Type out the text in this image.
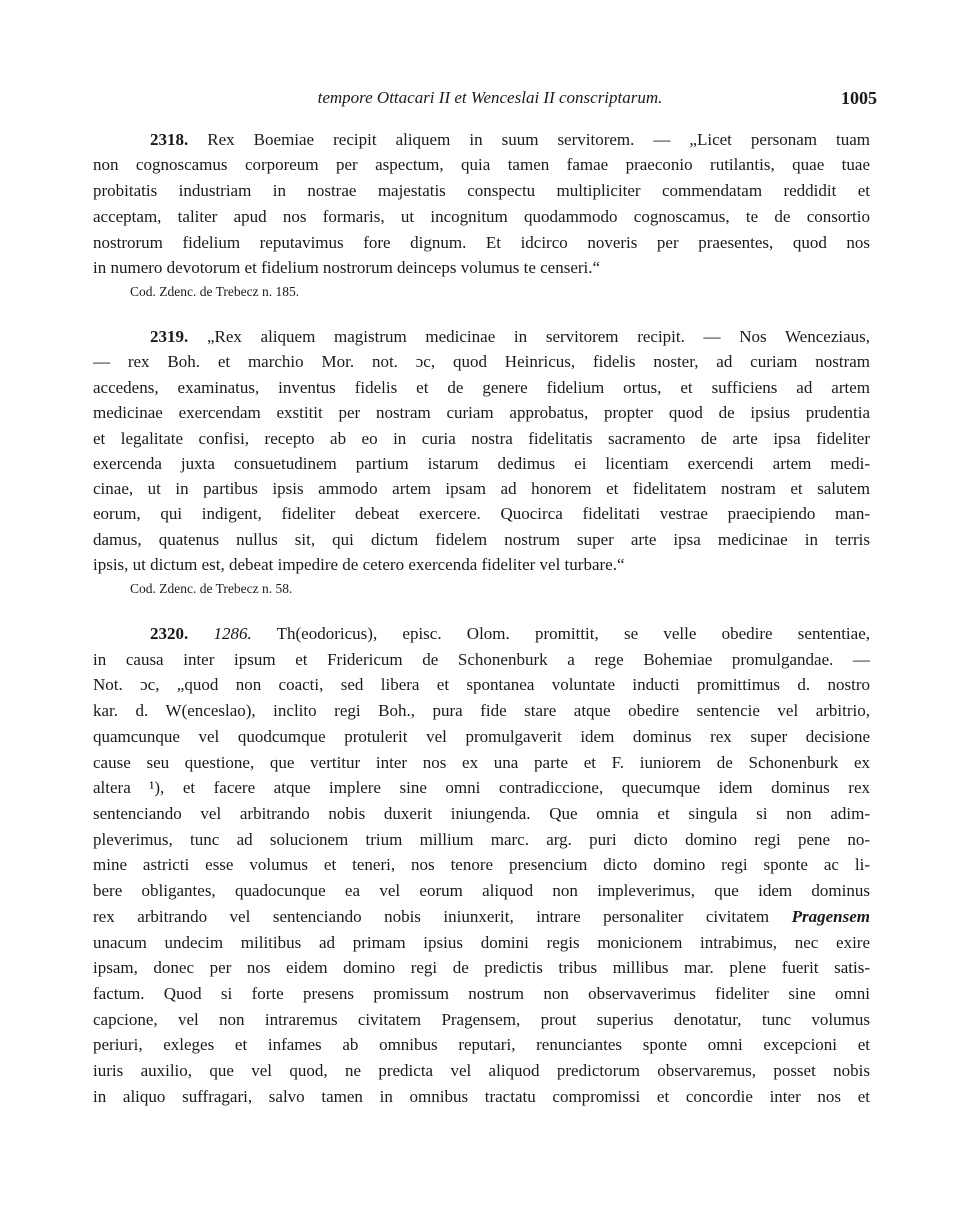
tempore Ottacari II et Wenceslai II conscriptarum.	1005
2318. Rex Boemiae recipit aliquem in suum servitorem. — „Licet personam tuam
non cognoscamus corporeum per aspectum, quia tamen famae praeconio rutilantis, quae tuae
probitatis industriam in nostrae majestatis conspectu multipliciter commendatam reddidit et
acceptam, taliter apud nos formaris, ut incognitum quodammodo cognoscamus, te de consortio
nostrorum fidelium reputavimus fore dignum. Et idcirco noveris per praesentes, quod nos
in numero devotorum et fidelium nostrorum deinceps volumus te censeri.“
Cod. Zdenc. de Trebecz n. 185.
2319. „Rex aliquem magistrum medicinae in servitorem recipit. — Nos Wenceziaus,
— rex Boh. et marchio Mor. not. ɔc, quod Heinricus, fidelis noster, ad curiam nostram
accedens, examinatus, inventus fidelis et de genere fidelium ortus, et sufficiens ad artem
medicinae exercendam exstitit per nostram curiam approbatus, propter quod de ipsius prudentia
et legalitate confisi, recepto ab eo in curia nostra fidelitatis sacramento de arte ipsa fideliter
exercenda juxta consuetudinem partium istarum dedimus ei licentiam exercendi artem medi-
cinae, ut in partibus ipsis ammodo artem ipsam ad honorem et fidelitatem nostram et salutem
eorum, qui indigent, fideliter debeat exercere. Quocirca fidelitati vestrae praecipiendo man-
damus, quatenus nullus sit, qui dictum fidelem nostrum super arte ipsa medicinae in terris
ipsis, ut dictum est, debeat impedire de cetero exercenda fideliter vel turbare.“
Cod. Zdenc. de Trebecz n. 58.
2320. 1286. Th(eodoricus), episc. Olom. promittit, se velle obedire sententiae,
in causa inter ipsum et Fridericum de Schonenburk a rege Bohemiae promulgandae. —
Not. ɔc, „quod non coacti, sed libera et spontanea voluntate inducti promittimus d. nostro
kar. d. W(enceslao), inclito regi Boh., pura fide stare atque obedire sentencie vel arbitrio,
quamcunque vel quodcumque protulerit vel promulgaverit idem dominus rex super decisione
cause seu questione, que vertitur inter nos ex una parte et F. iuniorem de Schonenburk ex
altera ¹), et facere atque implere sine omni contradiccione, quecumque idem dominus rex
sentenciando vel arbitrando nobis duxerit iniungenda. Que omnia et singula si non adim-
pleverimus, tunc ad solucionem trium millium marc. arg. puri dicto domino regi pene no-
mine astricti esse volumus et teneri, nos tenore presencium dicto domino regi sponte ac li-
bere obligantes, quadocunque ea vel eorum aliquod non impleverimus, que idem dominus
rex arbitrando vel sentenciando nobis iniunxerit, intrare personaliter civitatem Pragensem
unacum undecim militibus ad primam ipsius domini regis monicionem intrabimus, nec exire
ipsam, donec per nos eidem domino regi de predictis tribus millibus mar. plene fuerit satis-
factum. Quod si forte presens promissum nostrum non observaverimus fideliter sine omni
capcione, vel non intraremus civitatem Pragensem, prout superius denotatur, tunc volumus
periuri, exleges et infames ab omnibus reputari, renunciantes sponte omni excepcioni et
iuris auxilio, que vel quod, ne predicta vel aliquod predictorum observaremus, posset nobis
in aliquo suffragari, salvo tamen in omnibus tractatu compromissi et concordie inter nos et
